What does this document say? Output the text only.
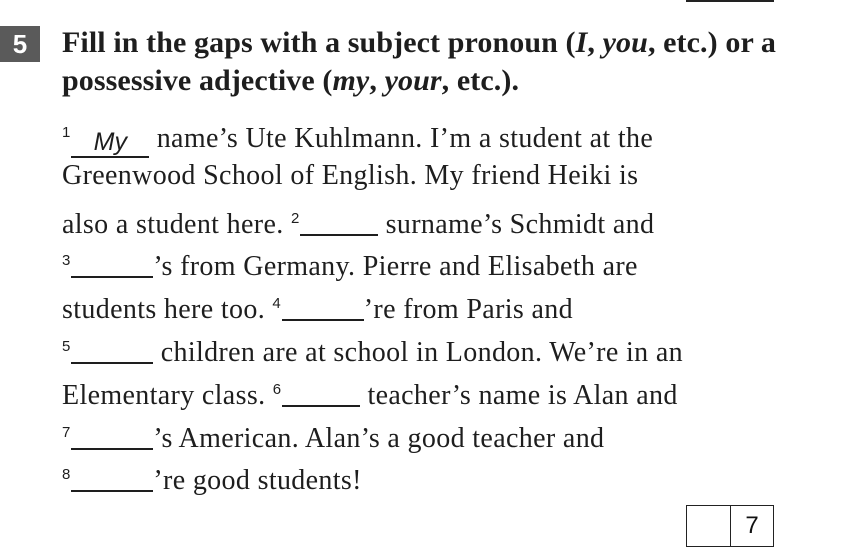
5	Fill in the gaps with a subject pronoun (I, you, etc.) or a possessive adjective (my, your, etc.).

$^1$ My name’s Ute Kuhlmann. I’m a student at the
Greenwood School of English. My friend Heiki is
also a student here. $^2$	surname’s Schmidt and
$^3$	’s from Germany. Pierre and Elisabeth are
students here too. $^4$	’re from Paris and
$^5$	children are at school in London. We’re in an
Elementary class. $^6$	teacher’s name is Alan and
$^7$	’s American. Alan’s a good teacher and
$^8$	’re good students!
7
